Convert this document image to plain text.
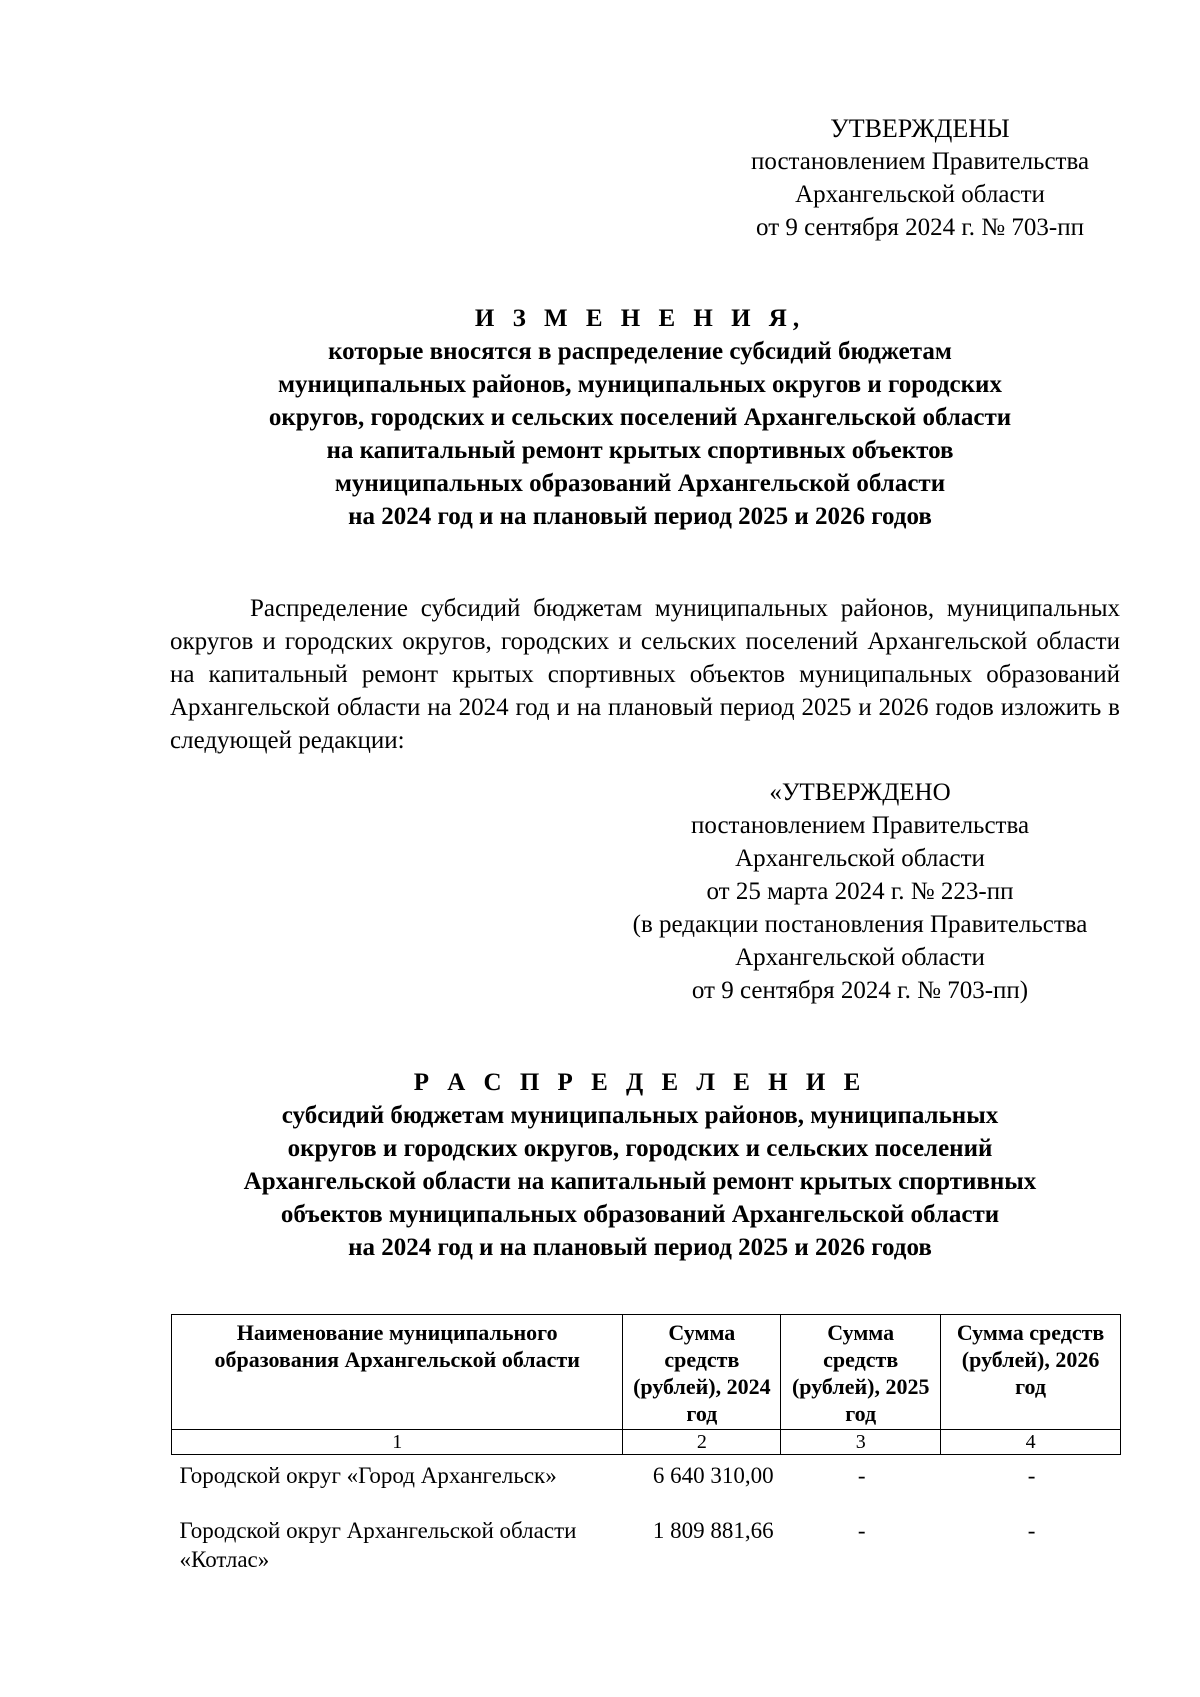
УТВЕРЖДЕНЫ
постановлением Правительства
Архангельской области
от 9 сентября 2024 г. № 703-пп
И З М Е Н Е Н И Я,
которые вносятся в распределение субсидий бюджетам
муниципальных районов, муниципальных округов и городских
округов, городских и сельских поселений Архангельской области
на капитальный ремонт крытых спортивных объектов
муниципальных образований Архангельской области
на 2024 год и на плановый период 2025 и 2026 годов
Распределение субсидий бюджетам муниципальных районов, муниципальных округов и городских округов, городских и сельских поселений Архангельской области на капитальный ремонт крытых спортивных объектов муниципальных образований Архангельской области на 2024 год и на плановый период 2025 и 2026 годов изложить в следующей редакции:
«УТВЕРЖДЕНО
постановлением Правительства
Архангельской области
от 25 марта 2024 г. № 223-пп
(в редакции постановления Правительства
Архангельской области
от 9 сентября 2024 г. № 703-пп)
Р А С П Р Е Д Е Л Е Н И Е
субсидий бюджетам муниципальных районов, муниципальных
округов и городских округов, городских и сельских поселений
Архангельской области на капитальный ремонт крытых спортивных
объектов муниципальных образований Архангельской области
на 2024 год и на плановый период 2025 и 2026 годов
Наименование муниципального образования Архангельской области	Сумма средств (рублей), 2024 год	Сумма средств (рублей), 2025 год	Сумма средств (рублей), 2026 год
1	2	3	4
Городской округ «Город Архангельск»	6 640 310,00	-	-
Городской округ Архангельской области «Котлас»	1 809 881,66	-	-
